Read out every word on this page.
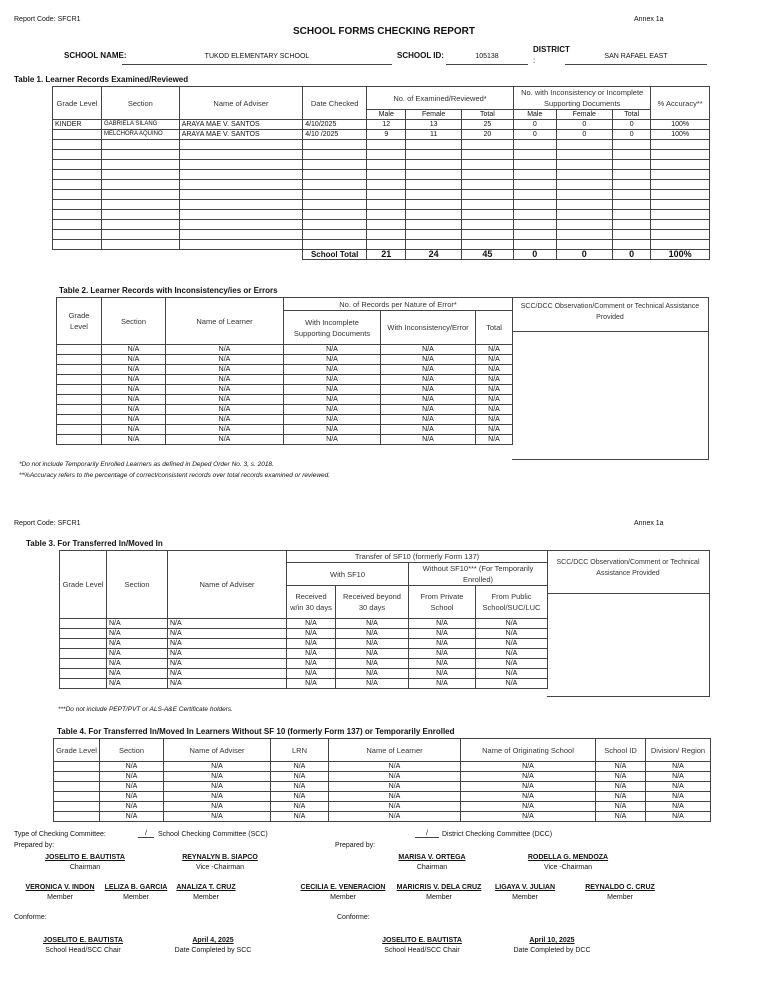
Report Code: SFCR1	Annex 1a
SCHOOL FORMS CHECKING REPORT
SCHOOL NAME:	TUKOD ELEMENTARY SCHOOL	SCHOOL ID:	105138
DISTRICT
:	SAN RAFAEL EAST
Table 1. Learner Records Examined/Reviewed
Grade Level	Section	Name of Adviser	Date Checked	No. of Examined/Reviewed*			No. with Inconsistency or Incomplete Supporting Documents			% Accuracy**
				Male	Female	Total	Male	Female	Total	
KINDER	GABRIELA SILANG	ARAYA MAE V. SANTOS	4/10/2025	12	13	25	0	0	0	100%
	MELCHORA AQUINO	ARAYA MAE V. SANTOS	4/10 /2025	9	11	20	0	0	0	100%

			School Total	21	24	45	0	0	0	100%
Table 2. Learner Records with Inconsistency/ies or Errors
Grade Level	Section	Name of Learner	No. of Records per Nature of Error*		
			With Incomplete Supporting Documents	With Inconsistency/Error	Total
	N/A	N/A	N/A	N/A	N/A
	N/A	N/A	N/A	N/A	N/A
	N/A	N/A	N/A	N/A	N/A
	N/A	N/A	N/A	N/A	N/A
	N/A	N/A	N/A	N/A	N/A
	N/A	N/A	N/A	N/A	N/A
	N/A	N/A	N/A	N/A	N/A
	N/A	N/A	N/A	N/A	N/A
	N/A	N/A	N/A	N/A	N/A
	N/A	N/A	N/A	N/A	N/A
SCC/DCC Observation/Comment or Technical Assistance Provided
*Do not include Temporarily Enrolled Learners as defined in Deped Order No. 3, s. 2018.
**%Accuracy refers to the percentage of correct/consistent records over total records examined or reviewed.
Report Code: SFCR1	Annex 1a
Table 3. For Transferred In/Moved In
Grade Level	Section	Name of Adviser	Transfer of SF10 (formerly Form 137)			
			With SF10		Without SF10*** (For Temporarily Enrolled)	
			Received w/in 30 days	Received beyond 30 days	From Private School	From Public School/SUC/LUC
	N/A	N/A	N/A	N/A	N/A	N/A
	N/A	N/A	N/A	N/A	N/A	N/A
	N/A	N/A	N/A	N/A	N/A	N/A
	N/A	N/A	N/A	N/A	N/A	N/A
	N/A	N/A	N/A	N/A	N/A	N/A
	N/A	N/A	N/A	N/A	N/A	N/A
	N/A	N/A	N/A	N/A	N/A	N/A
SCC/DCC Observation/Comment or Technical Assistance Provided
***Do not include PEPT/PVT or ALS-A&E Certificate holders.
Table 4. For Transferred In/Moved In Learners Without SF 10 (formerly Form 137) or Temporarily Enrolled
Grade Level	Section	Name of Adviser	LRN	Name of Learner	Name of Originating School	School ID	Division/ Region
	N/A	N/A	N/A	N/A	N/A	N/A	N/A
	N/A	N/A	N/A	N/A	N/A	N/A	N/A
	N/A	N/A	N/A	N/A	N/A	N/A	N/A
	N/A	N/A	N/A	N/A	N/A	N/A	N/A
	N/A	N/A	N/A	N/A	N/A	N/A	N/A
	N/A	N/A	N/A	N/A	N/A	N/A	N/A
Type of Checking Committee:	/	School Checking Committee (SCC)	/	District Checking Committee (DCC)
Prepared by:	Prepared by:
JOSELITO E. BAUTISTA
Chairman
REYNALYN B. SIAPCO
Vice -Chairman
MARISA V. ORTEGA
Chairman
RODELLA G. MENDOZA
Vice -Chairman
VERONICA V. INDON
Member
LELIZA B. GARCIA
Member
ANALIZA T. CRUZ
Member
CECILIA E. VENERACION
Member
MARICRIS V. DELA CRUZ
Member
LIGAYA V. JULIAN
Member
REYNALDO C. CRUZ
Member
Conforme:	Conforme:
JOSELITO E. BAUTISTA
School Head/SCC Chair
April 4, 2025
Date Completed by SCC
JOSELITO E. BAUTISTA
School Head/SCC Chair
April 10, 2025
Date Completed by DCC
